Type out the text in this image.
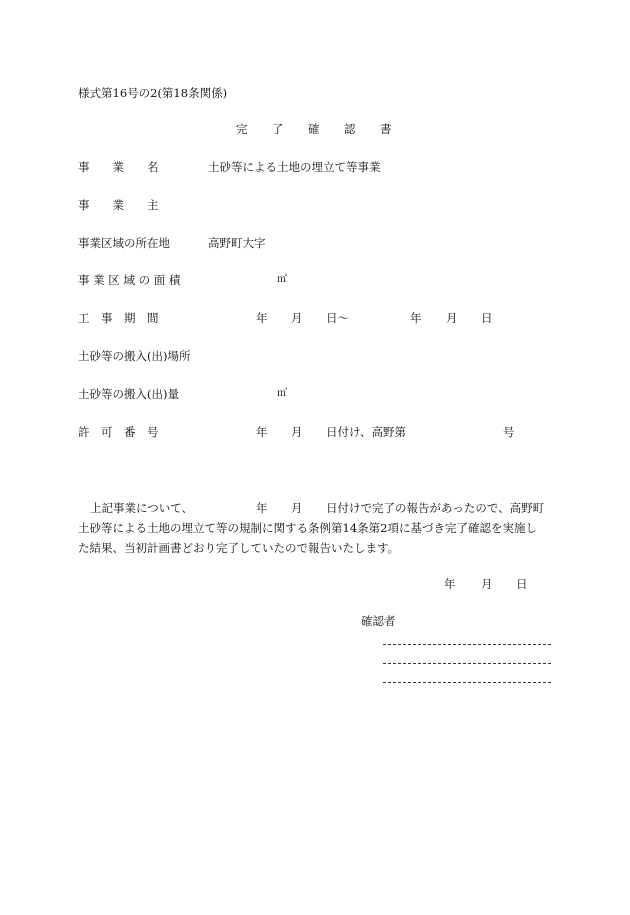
様式第16号の2(第18条関係)
完 了 確 認 書
事　　業　　名	土砂等による土地の埋立て等事業
事　　業　　主
事業区域の所在地	高野町大字
事 業 区 域 の 面 積	㎡
工　事　期　間	年 月 日～	年 月 日
土砂等の搬入(出)場所
土砂等の搬入(出)量	㎥
許　可　番　号	年 月 日付け、高野第	号
上記事業について、	年 月 日付けで完了の報告があったので、高野町
土砂等による土地の埋立て等の規制に関する条例第14条第2項に基づき完了確認を実施し
た結果、当初計画書どおり完了していたので報告いたします。
年 月 日
確認者
